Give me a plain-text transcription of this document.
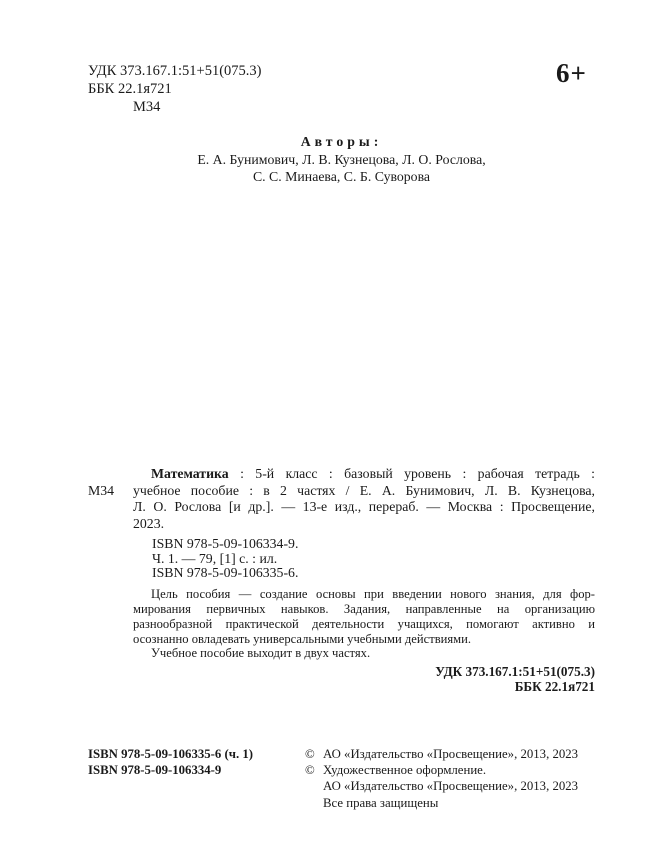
УДК 373.167.1:51+51(075.3)
ББК 22.1я721
М34
6+
Авторы:
Е. А. Бунимович, Л. В. Кузнецова, Л. О. Рослова,
С. С. Минаева, С. Б. Суворова
М34
Математика : 5-й класс : базовый уровень : рабочая тетрадь :
учебное пособие : в 2 частях / Е. А. Бунимович, Л. В. Кузнецова,
Л. О. Рослова [и др.]. — 13-е изд., перераб. — Москва : Просвещение,
2023.
ISBN 978-5-09-106334-9.
Ч. 1. — 79, [1] с. : ил.
ISBN 978-5-09-106335-6.
Цель пособия — создание основы при введении нового знания, для фор-
мирования первичных навыков. Задания, направленные на организацию
разнообразной практической деятельности учащихся, помогают активно и
осознанно овладевать универсальными учебными действиями.
Учебное пособие выходит в двух частях.
УДК 373.167.1:51+51(075.3)
ББК 22.1я721
ISBN 978-5-09-106335-6 (ч. 1)
ISBN 978-5-09-106334-9
© АО «Издательство «Просвещение», 2013, 2023
© Художественное оформление.
АО «Издательство «Просвещение», 2013, 2023
Все права защищены
